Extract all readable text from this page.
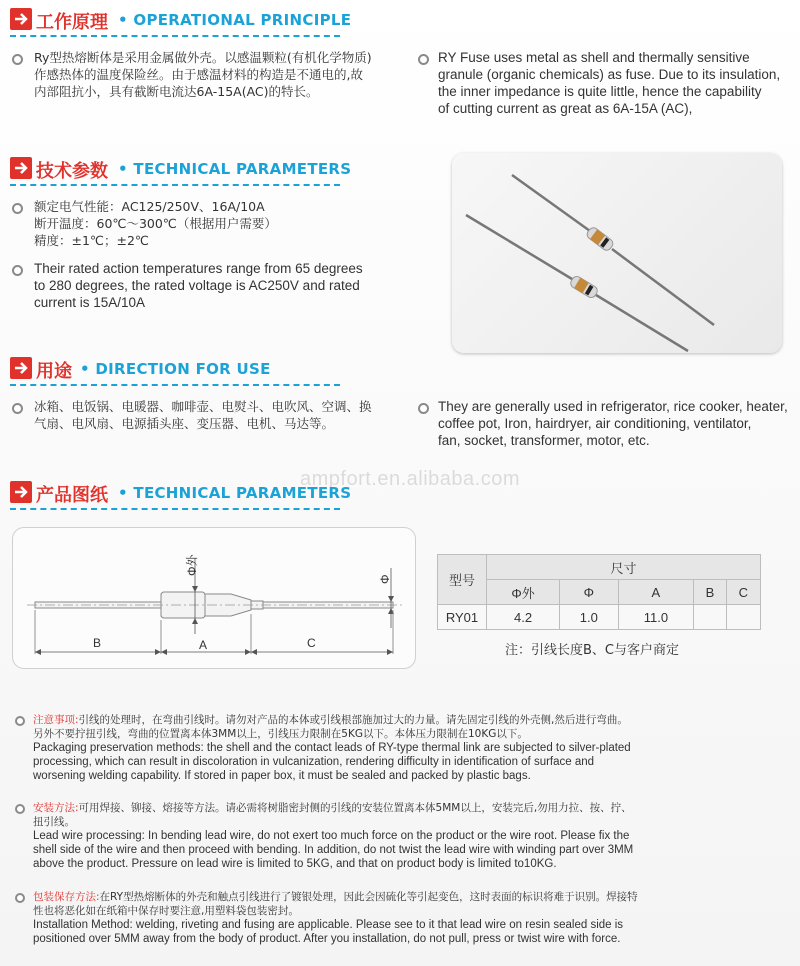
工作原理 • OPERATIONAL PRINCIPLE
Ry型热熔断体是采用金属做外壳。以感温颗粒(有机化学物质)
作感热体的温度保险丝。由于感温材料的构造是不通电的,故
内部阻抗小，具有截断电流达6A-15A(AC)的特长。
RY Fuse uses metal as shell and thermally sensitive
granule (organic chemicals) as fuse. Due to its insulation,
the inner impedance is quite little, hence the capability
of cutting current as great as 6A-15A (AC),
技术参数 • TECHNICAL PARAMETERS
额定电气性能：AC125/250V、16A/10A
断开温度：60℃～300℃（根据用户需要）
精度：±1℃；±2℃
Their rated action temperatures range from 65 degrees
to 280 degrees, the rated voltage is AC250V and rated
current is 15A/10A
用途 • DIRECTION FOR USE
冰箱、电饭锅、电暖器、咖啡壶、电熨斗、电吹风、空调、换
气扇、电风扇、电源插头座、变压器、电机、马达等。
They are generally used in refrigerator, rice cooker, heater,
coffee pot, Iron, hairdryer, air conditioning, ventilator,
fan, socket, transformer, motor, etc.
ampfort.en.alibaba.com
产品图纸 • TECHNICAL PARAMETERS
Φ外
Φ
B	A	C
型号	尺寸				
	Φ外	Φ	A	B	C
RY01	4.2	1.0	11.0		
注：引线长度B、C与客户商定
注意事项:引线的处理时，在弯曲引线时。请勿对产品的本体或引线根部施加过大的力量。请先固定引线的外壳侧,然后进行弯曲。
另外不要拧扭引线，弯曲的位置离本体3MM以上，引线压力限制在5KG以下。本体压力限制在10KG以下。
Packaging preservation methods: the shell and the contact leads of RY-type thermal link are subjected to silver-plated
processing, which can result in discoloration in vulcanization, rendering difficulty in identification of surface and
worsening welding capability. If stored in paper box, it must be sealed and packed by plastic bags.
安装方法:可用焊接、铆接、熔接等方法。请必需将树脂密封侧的引线的安装位置离本体5MM以上，安装完后,勿用力拉、按、拧、
扭引线。
Lead wire processing: In bending lead wire, do not exert too much force on the product or the wire root. Please fix the
shell side of the wire and then proceed with bending. In addition, do not twist the lead wire with winding part over 3MM
above the product. Pressure on lead wire is limited to 5KG, and that on product body is limited to10KG.
包装保存方法:在RY型热熔断体的外壳和触点引线进行了镀银处理，因此会因硫化等引起变色，这时表面的标识将难于识别。焊接特
性也将恶化如在纸箱中保存时要注意,用塑料袋包装密封。
Installation Method: welding, riveting and fusing are applicable. Please see to it that lead wire on resin sealed side is
positioned over 5MM away from the body of product. After you installation, do not pull, press or twist wire with force.
